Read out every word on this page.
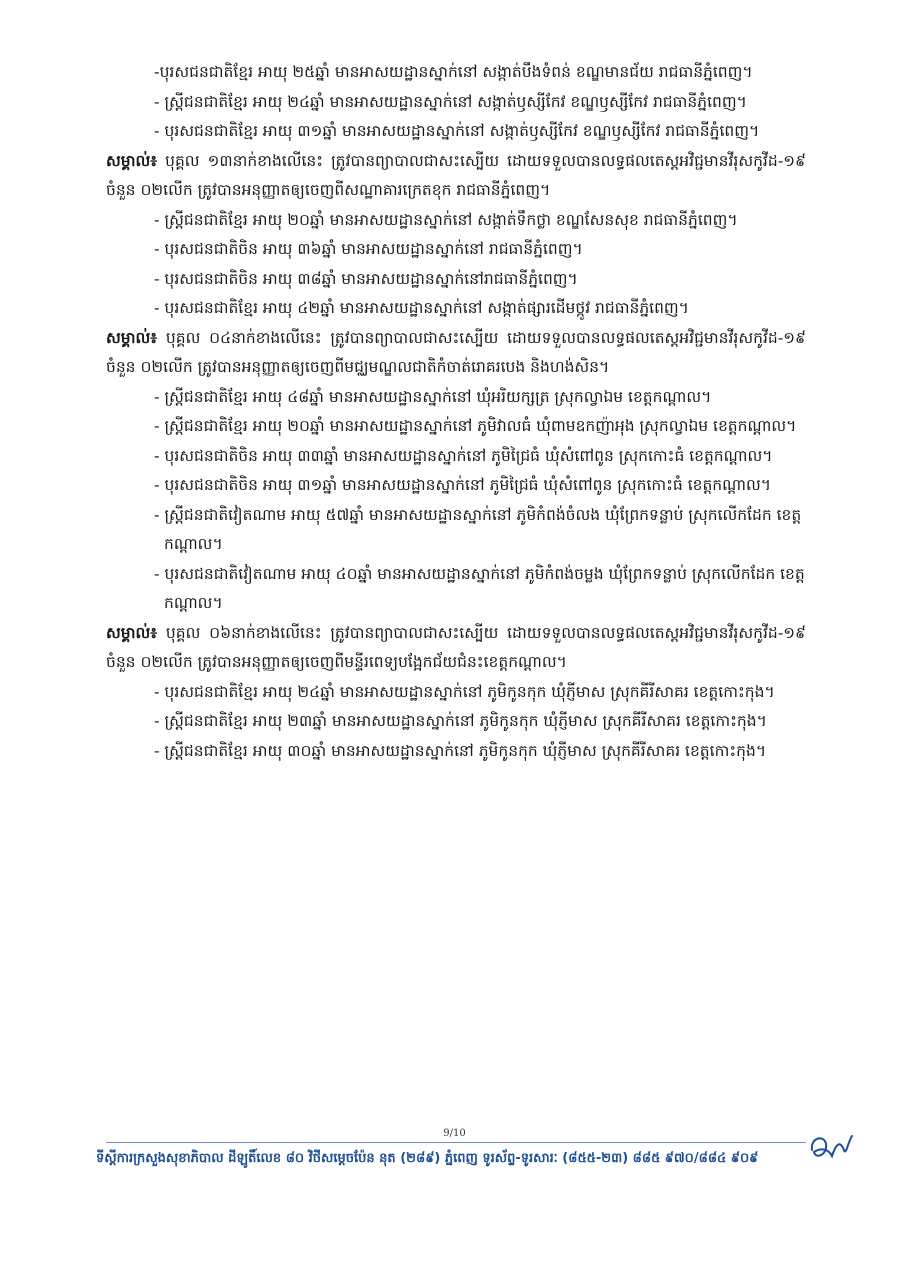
-បុរសជនជាតិខ្មែរ អាយុ ២៥ឆ្នាំ មានអាសយដ្ឋានស្នាក់នៅ សង្កាត់បឹងទំពន់ ខណ្ឌមានជ័យ រាជធានីភ្នំពេញ។
- ស្ត្រីជនជាតិខ្មែរ អាយុ ២៤ឆ្នាំ មានអាសយដ្ឋានស្នាក់នៅ សង្កាត់ឫស្សីកែវ ខណ្ឌឫស្សីកែវ រាជធានីភ្នំពេញ។
- បុរសជនជាតិខ្មែរ អាយុ ៣១ឆ្នាំ មានអាសយដ្ឋានស្នាក់នៅ សង្កាត់ឫស្សីកែវ ខណ្ឌឫស្សីកែវ រាជធានីភ្នំពេញ។
សម្គាល់៖ បុគ្គល ១៣នាក់ខាងលើនេះ ត្រូវបានព្យាបាលជាសះស្បើយ ដោយទទួលបានលទ្ធផលតេស្តអវិជ្ជមានវីរុសកូវីដ-១៩ ចំនួន ០២លើក ត្រូវបានអនុញ្ញាតឲ្យចេញពីសណ្ឋាគារក្រេតខុក រាជធានីភ្នំពេញ។
- ស្ត្រីជនជាតិខ្មែរ អាយុ ២០ឆ្នាំ មានអាសយដ្ឋានស្នាក់នៅ សង្កាត់ទឹកថ្លា ខណ្ឌសែនសុខ រាជធានីភ្នំពេញ។
- បុរសជនជាតិចិន អាយុ ៣៦ឆ្នាំ មានអាសយដ្ឋានស្នាក់នៅ រាជធានីភ្នំពេញ។
- បុរសជនជាតិចិន អាយុ ៣៨ឆ្នាំ មានអាសយដ្ឋានស្នាក់នៅរាជធានីភ្នំពេញ។
- បុរសជនជាតិខ្មែរ អាយុ ៤២ឆ្នាំ មានអាសយដ្ឋានស្នាក់នៅ សង្កាត់ផ្សារដើមថ្កូវ រាជធានីភ្នំពេញ។
សម្គាល់៖ បុគ្គល ០៤នាក់ខាងលើនេះ ត្រូវបានព្យាបាលជាសះស្បើយ ដោយទទួលបានលទ្ធផលតេស្តអវិជ្ជមានវីរុសកូវីដ-១៩ ចំនួន ០២លើក ត្រូវបានអនុញ្ញាតឲ្យចេញពីមជ្ឈមណ្ឌលជាតិកំចាត់រោគរបេង និងហង់សិន។
- ស្ត្រីជនជាតិខ្មែរ អាយុ ៤៨ឆ្នាំ មានអាសយដ្ឋានស្នាក់នៅ ឃុំអរិយក្សត្រ ស្រុកល្វាឯម ខេត្តកណ្តាល។
- ស្ត្រីជនជាតិខ្មែរ អាយុ ២០ឆ្នាំ មានអាសយដ្ឋានស្នាក់នៅ ភូមិវាលធំ ឃុំពាមឧកញ៉ាអុង ស្រុកល្វាឯម ខេត្តកណ្តាល។
- បុរសជនជាតិចិន អាយុ ៣៣ឆ្នាំ មានអាសយដ្ឋានស្នាក់នៅ ភូមិជ្រៃធំ ឃុំសំពៅពូន ស្រុកកោះធំ ខេត្តកណ្តាល។
- បុរសជនជាតិចិន អាយុ ៣១ឆ្នាំ មានអាសយដ្ឋានស្នាក់នៅ ភូមិជ្រៃធំ ឃុំសំពៅពូន ស្រុកកោះធំ ខេត្តកណ្តាល។
- ស្ត្រីជនជាតិវៀតណាម អាយុ ៥៧ឆ្នាំ មានអាសយដ្ឋានស្នាក់នៅ ភូមិកំពង់ចំលង ឃុំព្រែកទន្លាប់ ស្រុកលើកដែក ខេត្តកណ្តាល។
- បុរសជនជាតិវៀតណាម អាយុ ៤០ឆ្នាំ មានអាសយដ្ឋានស្នាក់នៅ ភូមិកំពង់ចម្លង ឃុំព្រែកទន្លាប់ ស្រុកលើកដែក ខេត្តកណ្តាល។
សម្គាល់៖ បុគ្គល ០៦នាក់ខាងលើនេះ ត្រូវបានព្យាបាលជាសះស្បើយ ដោយទទួលបានលទ្ធផលតេស្តអវិជ្ជមានវីរុសកូវីដ-១៩ ចំនួន ០២លើក ត្រូវបានអនុញ្ញាតឲ្យចេញពីមន្ទីរពេទ្យបង្អែកជ័យជំនះខេត្តកណ្តាល។
- បុរសជនជាតិខ្មែរ អាយុ ២៤ឆ្នាំ មានអាសយដ្ឋានស្នាក់នៅ ភូមិកូនកុក ឃុំភ្ញីមាស ស្រុកគីរីសាគរ ខេត្តកោះកុង។
- ស្ត្រីជនជាតិខ្មែរ អាយុ ២៣ឆ្នាំ មានអាសយដ្ឋានស្នាក់នៅ ភូមិកូនកុក ឃុំភ្ញីមាស ស្រុកគីរីសាគរ ខេត្តកោះកុង។
- ស្ត្រីជនជាតិខ្មែរ អាយុ ៣០ឆ្នាំ មានអាសយដ្ឋានស្នាក់នៅ ភូមិកូនកុក ឃុំភ្ញីមាស ស្រុកគីរីសាគរ ខេត្តកោះកុង។
9/10
ទីស្តីការក្រសួងសុខាភិបាល ដីឡូតិ៍លេខ ៨០ វិថីសម្តេចប៉ែន នុត (២៨៩) ភ្នំពេញ ទូរស័ព្ទ-ទូរសារៈ (៨៥៥-២៣) ៨៨៥ ៩៧០/៨៨៤ ៩០៩
